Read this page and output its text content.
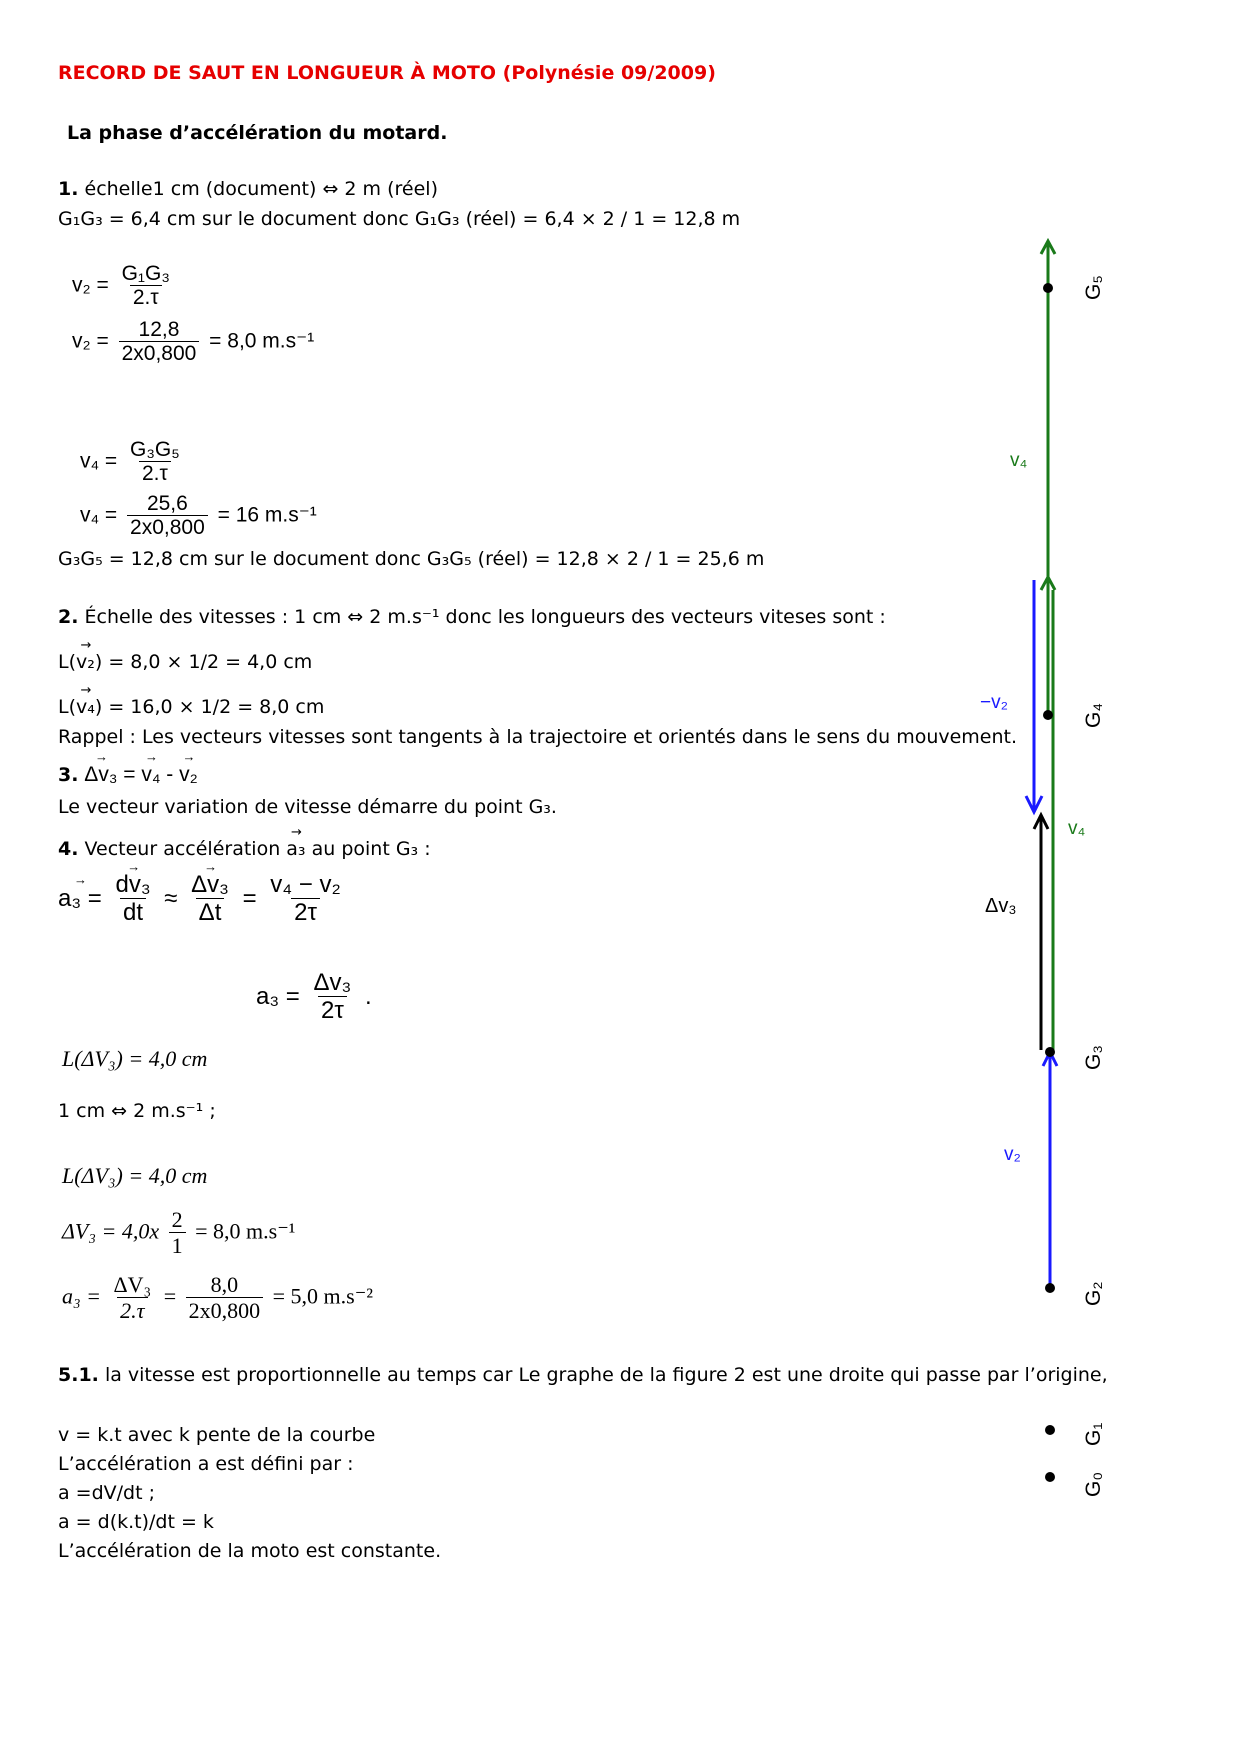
RECORD DE SAUT EN LONGUEUR À MOTO (Polynésie 09/2009)
La phase d’accélération du motard.
1. échelle1 cm (document) ⇔ 2 m (réel)
G₁G₃ = 6,4 cm sur le document donc G₁G₃ (réel) = 6,4 × 2 / 1 = 12,8 m
$v_2 = \frac{\text{G₁G₃}}{2.\tau}$
$v_2 = \frac{12,8}{2x0,800} = 8,0$ m.s⁻¹
$v_4 = \frac{\text{G₃G₅}}{2.\tau}$
$v_4 = \frac{25,6}{2x0,800} = 16$ m.s⁻¹
G₃G₅ = 12,8 cm sur le document donc G₃G₅ (réel) = 12,8 × 2 / 1 = 25,6 m
2. Échelle des vitesses : 1 cm ⇔ 2 m.s⁻¹ donc les longueurs des vecteurs viteses sont :
L(→ v₂) = 8,0 × 1/2 = 4,0 cm
L(→ v₄) = 16,0 × 1/2 = 8,0 cm
Rappel : Les vecteurs vitesses sont tangents à la trajectoire et orientés dans le sens du mouvement.
3. → Δv₃ = → v₄ - → v₂
Le vecteur variation de vitesse démarre du point G₃.
4. Vecteur accélération → a₃ au point G₃ :
→ a₃ = → $\frac{\text{dv₃}}{dt}$ ≈ → $\frac{\text{Δv₃}}{\Delta t} = \frac{\text{v₄ − v₂}}{2\tau}$
$a_3 = \frac{\text{Δv₃}}{2\tau}$ .
L(ΔV₃) = 4,0 cm
1 cm ⇔ 2 m.s⁻¹ ;
L(ΔV₃) = 4,0 cm
$\Delta V_3 = 4,0x \frac{2}{1} = 8,0$ m.s⁻¹
$a_3 = \frac{\text{ΔV₃}}{2.\tau} = \frac{8,0}{2x0,800} = 5,0$ m.s⁻²
5.1. la vitesse est proportionnelle au temps car Le graphe de la figure 2 est une droite qui passe par l’origine,
v = k.t avec k pente de la courbe
L’accélération a est défini par :
a =dV/dt ;
a = d(k.t)/dt = k
L’accélération de la moto est constante.
G₅
G₄
G₃
G₂
G₁
G₀
v₄
−v₂
v₄
Δv₃
v₂
